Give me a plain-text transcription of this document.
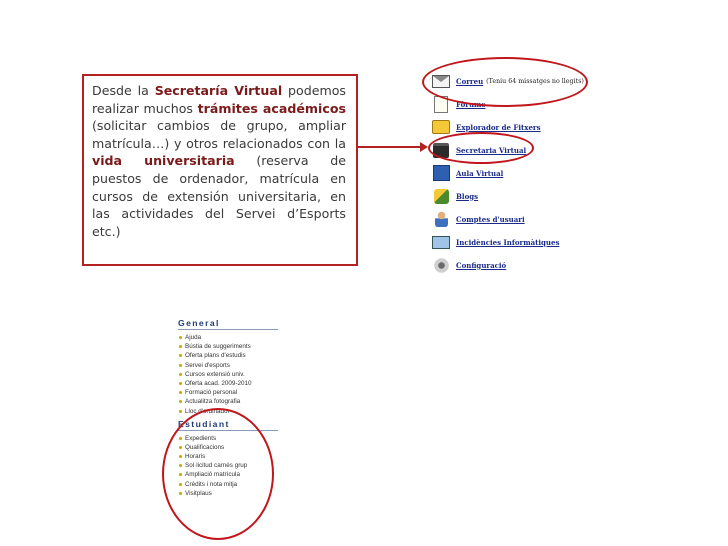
Desde la Secretaría Virtual podemos realizar muchos trámites académicos (solicitar cambios de grupo, ampliar matrícula…) y otros relacionados con la vida universitaria (reserva de puestos de ordenador, matrícula en cursos de extensión universitaria, en las actividades del Servei d’Esports etc.)
Correu (Teniu 64 missatges no llegits)
Fòrums
Explorador de Fitxers
Secretaria Virtual
Aula Virtual
Blogs
Comptes d'usuari
Incidències Informàtiques
Configuració
General
Ajuda
Bústia de suggeriments
Oferta plans d'estudis
Servei d'esports
Cursos extensió univ.
Oferta acad. 2009-2010
Formació personal
Actualitza fotografia
Lloc d'ordinador
Estudiant
Expedients
Qualificacions
Horaris
Sol·licitud carnés grup
Ampliació matrícula
Crèdits i nota mitja
Visitplaus
